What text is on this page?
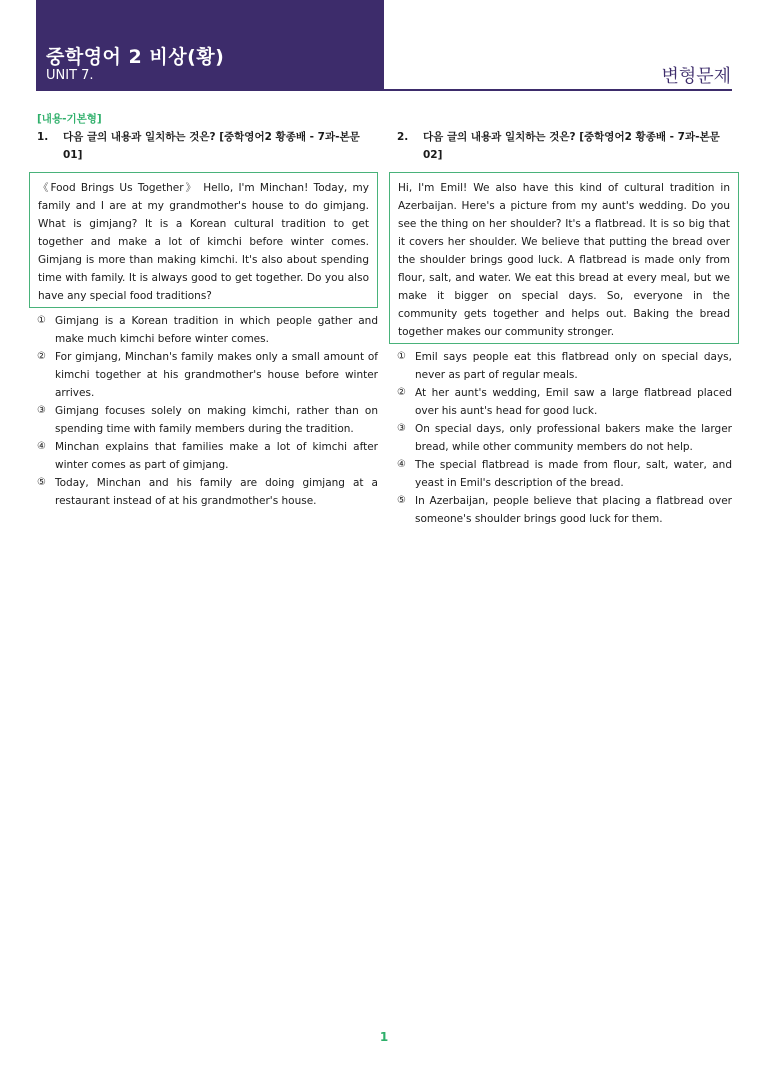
중학영어 2 비상(황)
UNIT 7.	변형문제
[내용-기본형]
1.	다음 글의 내용과 일치하는 것은? [중학영어2 황종배 - 7과-본문 01]
《Food Brings Us Together》 Hello, I'm Minchan! Today, my family and I are at my grandmother's house to do gimjang. What is gimjang? It is a Korean cultural tradition to get together and make a lot of kimchi before winter comes. Gimjang is more than making kimchi. It's also about spending time with family. It is always good to get together. Do you also have any special food traditions?
① Gimjang is a Korean tradition in which people gather and make much kimchi before winter comes.
② For gimjang, Minchan's family makes only a small amount of kimchi together at his grandmother's house before winter arrives.
③ Gimjang focuses solely on making kimchi, rather than on spending time with family members during the tradition.
④ Minchan explains that families make a lot of kimchi after winter comes as part of gimjang.
⑤ Today, Minchan and his family are doing gimjang at a restaurant instead of at his grandmother's house.
2.	다음 글의 내용과 일치하는 것은? [중학영어2 황종배 - 7과-본문 02]
Hi, I'm Emil! We also have this kind of cultural tradition in Azerbaijan. Here's a picture from my aunt's wedding. Do you see the thing on her shoulder? It's a flatbread. It is so big that it covers her shoulder. We believe that putting the bread over the shoulder brings good luck. A flatbread is made only from flour, salt, and water. We eat this bread at every meal, but we make it bigger on special days. So, everyone in the community gets together and helps out. Baking the bread together makes our community stronger.
① Emil says people eat this flatbread only on special days, never as part of regular meals.
② At her aunt's wedding, Emil saw a large flatbread placed over his aunt's head for good luck.
③ On special days, only professional bakers make the larger bread, while other community members do not help.
④ The special flatbread is made from flour, salt, water, and yeast in Emil's description of the bread.
⑤ In Azerbaijan, people believe that placing a flatbread over someone's shoulder brings good luck for them.
1
